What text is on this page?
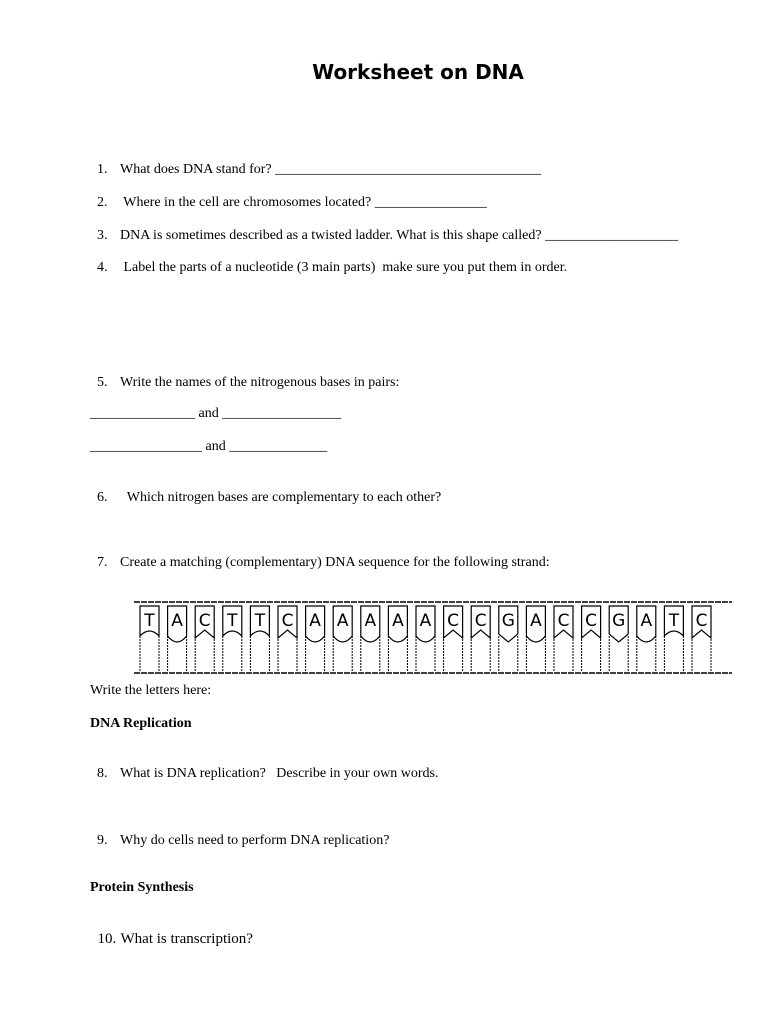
Worksheet on DNA

1. What does DNA stand for? ______________________________________

2. Where in the cell are chromosomes located? ________________

3. DNA is sometimes described as a twisted ladder. What is this shape called? ___________________

4. Label the parts of a nucleotide (3 main parts)  make sure you put them in order.

5. Write the names of the nitrogenous bases in pairs:

_______________ and _________________
________________ and ______________

6.  Which nitrogen bases are complementary to each other?

7. Create a matching (complementary) DNA sequence for the following strand:

T A C T T C A A A A A C C G A C C G A T C
Write the letters here:
DNA Replication

8. What is DNA replication?   Describe in your own words.

9. Why do cells need to perform DNA replication?

Protein Synthesis

10. What is transcription?
